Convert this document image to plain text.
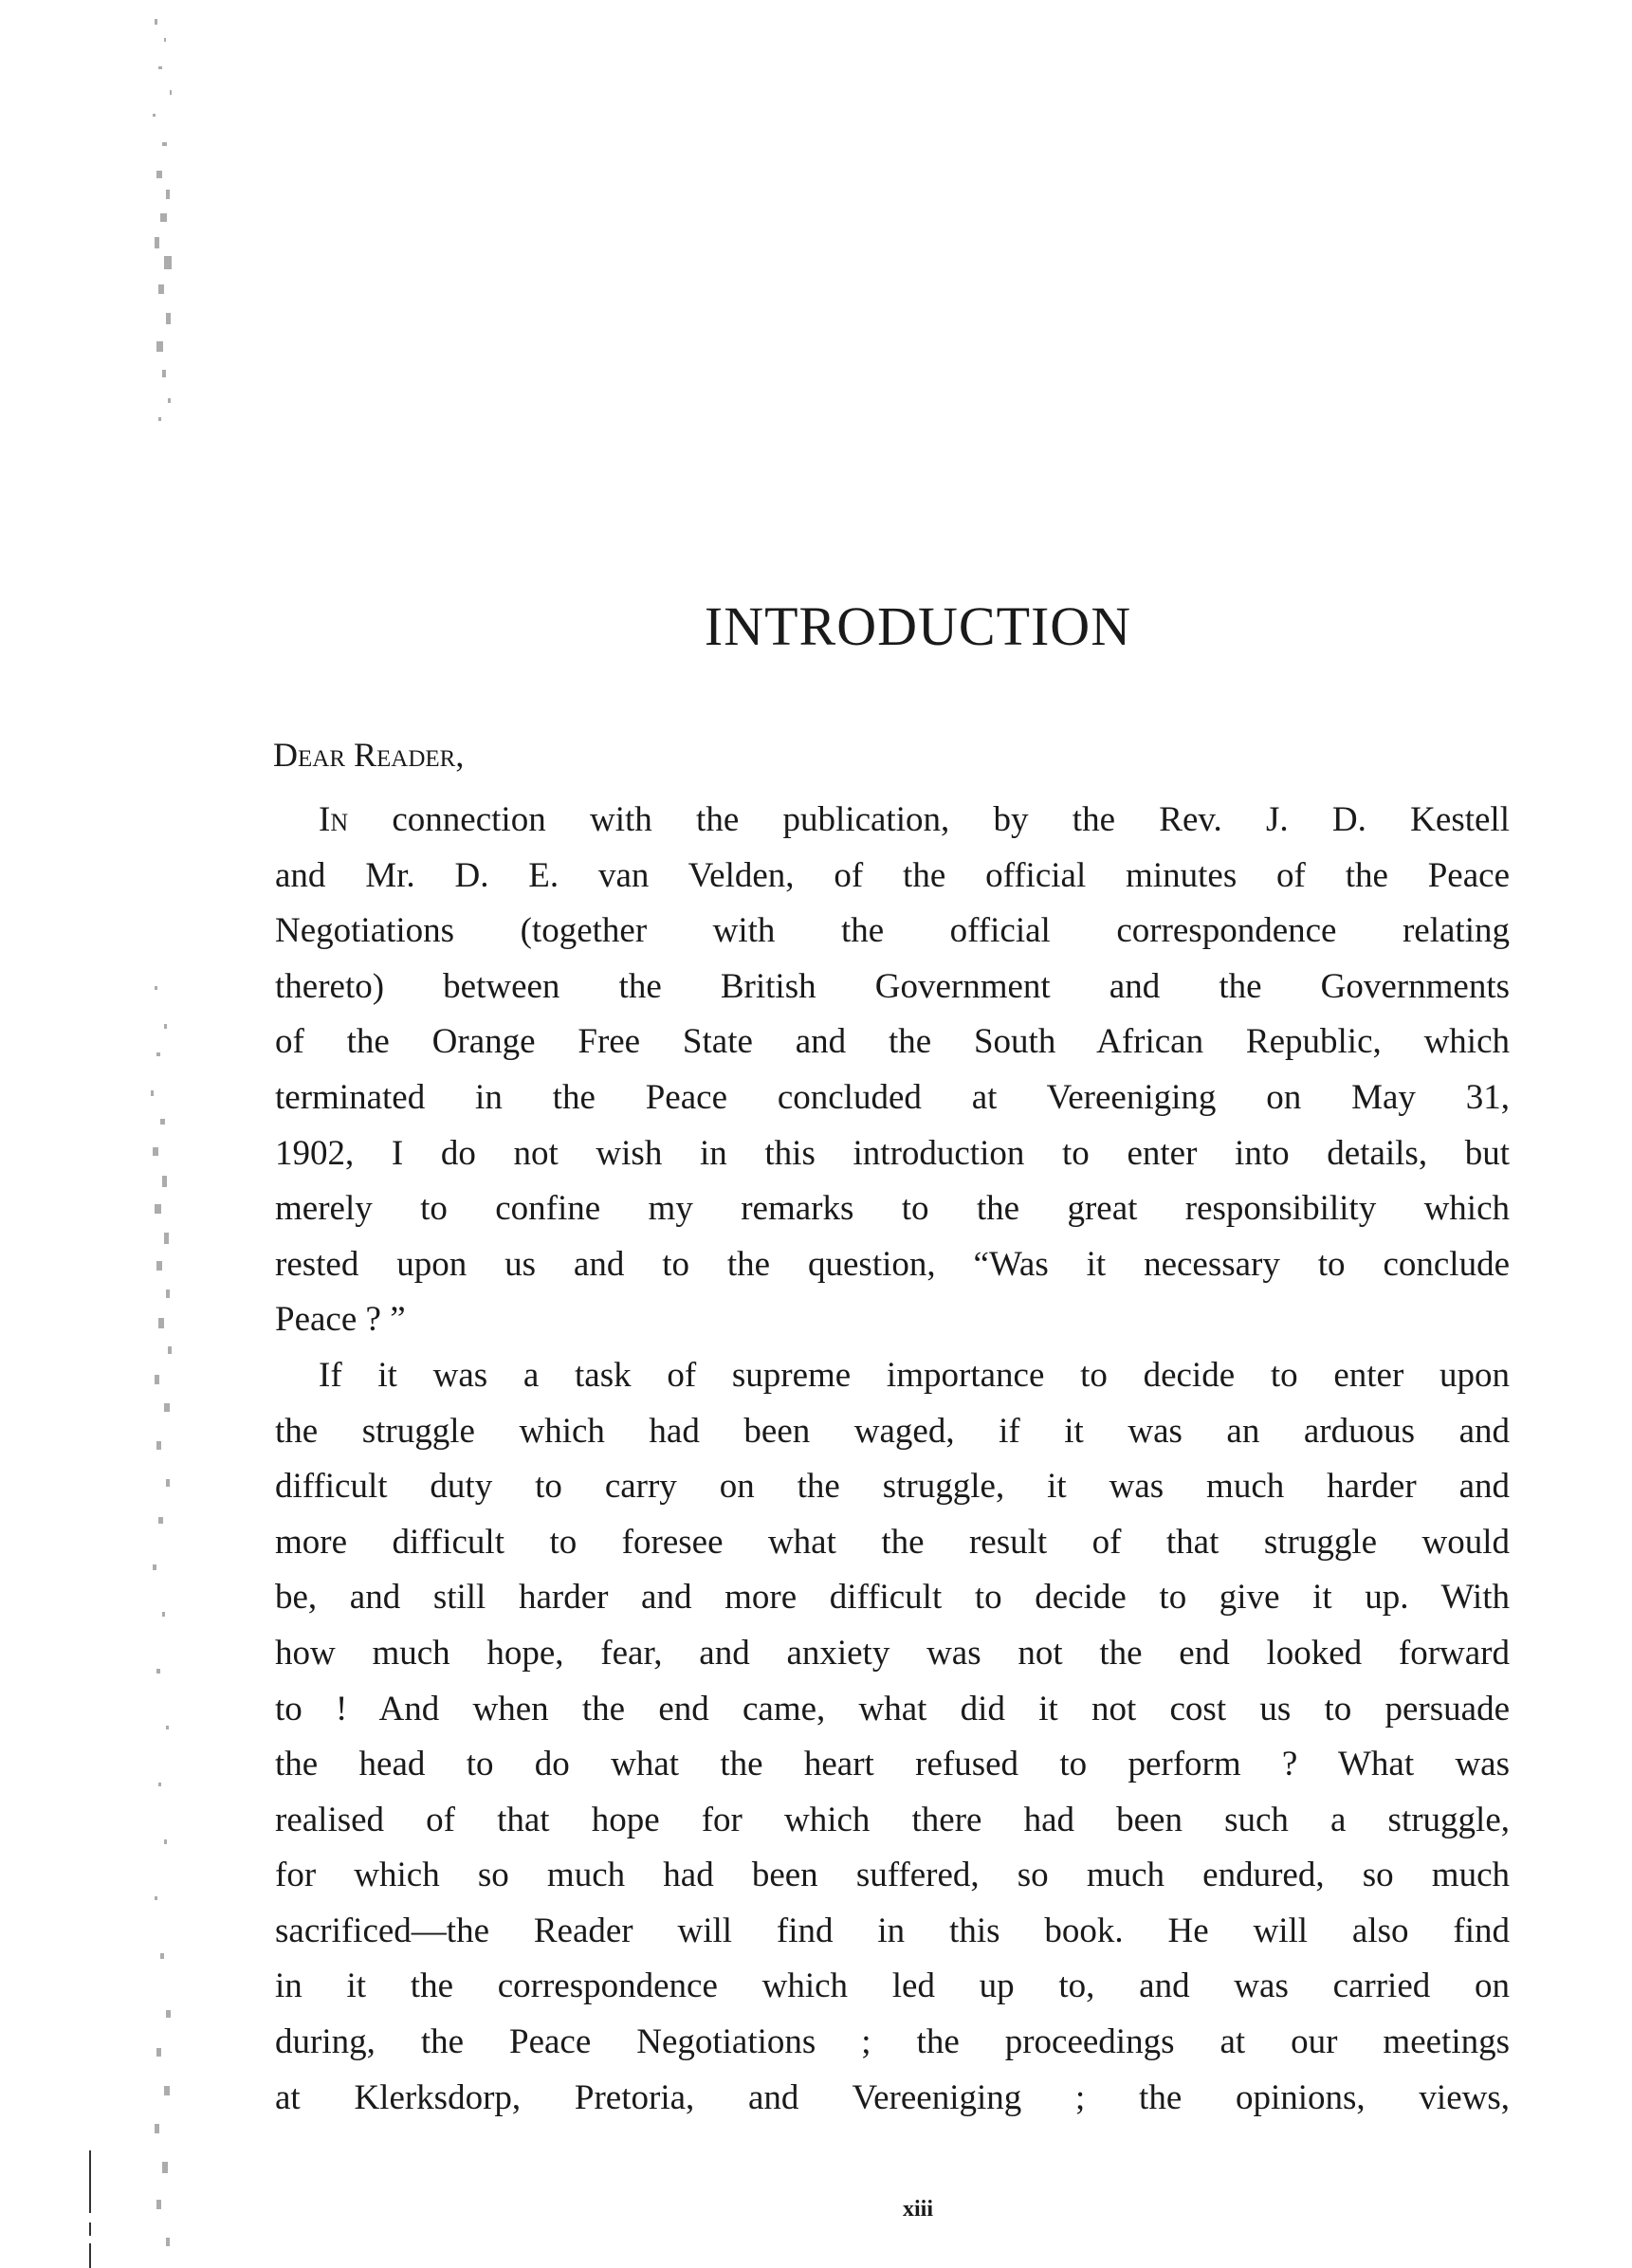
INTRODUCTION

Dear Reader,

In connection with the publication, by the Rev. J. D. Kestell
and Mr. D. E. van Velden, of the official minutes of the Peace
Negotiations (together with the official correspondence relating
thereto) between the British Government and the Governments
of the Orange Free State and the South African Republic, which
terminated in the Peace concluded at Vereeniging on May 31,
1902, I do not wish in this introduction to enter into details, but
merely to confine my remarks to the great responsibility which
rested upon us and to the question, “Was it necessary to conclude
Peace ? ”
If it was a task of supreme importance to decide to enter upon
the struggle which had been waged, if it was an arduous and
difficult duty to carry on the struggle, it was much harder and
more difficult to foresee what the result of that struggle would
be, and still harder and more difficult to decide to give it up. With
how much hope, fear, and anxiety was not the end looked forward
to ! And when the end came, what did it not cost us to persuade
the head to do what the heart refused to perform ? What was
realised of that hope for which there had been such a struggle,
for which so much had been suffered, so much endured, so much
sacrificed—the Reader will find in this book. He will also find
in it the correspondence which led up to, and was carried on
during, the Peace Negotiations ; the proceedings at our meetings
at Klerksdorp, Pretoria, and Vereeniging ; the opinions, views,
xiii
